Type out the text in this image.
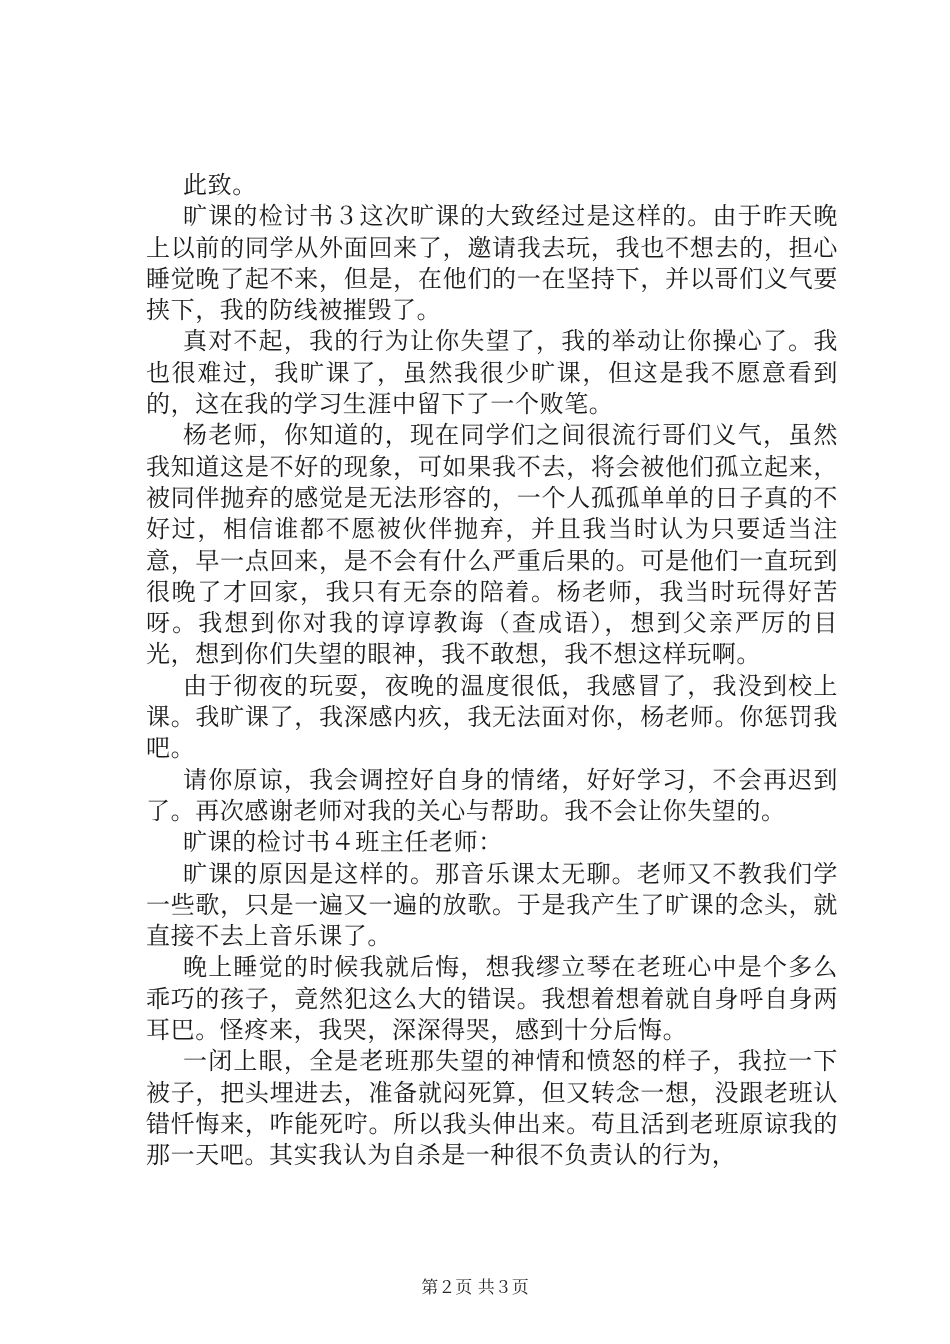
此致。

旷课的检讨书３这次旷课的大致经过是这样的。由于昨天晚上以前的同学从外面回来了，邀请我去玩，我也不想去的，担心睡觉晚了起不来，但是，在他们的一在坚持下，并以哥们义气要挟下，我的防线被摧毁了。

真对不起，我的行为让你失望了，我的举动让你操心了。我也很难过，我旷课了，虽然我很少旷课，但这是我不愿意看到的，这在我的学习生涯中留下了一个败笔。

杨老师，你知道的，现在同学们之间很流行哥们义气，虽然我知道这是不好的现象，可如果我不去，将会被他们孤立起来，被同伴抛弃的感觉是无法形容的，一个人孤孤单单的日子真的不好过，相信谁都不愿被伙伴抛弃，并且我当时认为只要适当注意，早一点回来，是不会有什么严重后果的。可是他们一直玩到很晚了才回家，我只有无奈的陪着。杨老师，我当时玩得好苦呀。我想到你对我的谆谆教诲（查成语），想到父亲严厉的目光，想到你们失望的眼神，我不敢想，我不想这样玩啊。

由于彻夜的玩耍，夜晚的温度很低，我感冒了，我没到校上课。我旷课了，我深感内疚，我无法面对你，杨老师。你惩罚我吧。

请你原谅，我会调控好自身的情绪，好好学习，不会再迟到了。再次感谢老师对我的关心与帮助。我不会让你失望的。

旷课的检讨书４班主任老师：

旷课的原因是这样的。那音乐课太无聊。老师又不教我们学一些歌，只是一遍又一遍的放歌。于是我产生了旷课的念头，就直接不去上音乐课了。

晚上睡觉的时候我就后悔，想我缪立琴在老班心中是个多么乖巧的孩子，竟然犯这么大的错误。我想着想着就自身呼自身两耳巴。怪疼来，我哭，深深得哭，感到十分后悔。

一闭上眼，全是老班那失望的神情和愤怒的样子，我拉一下被子，把头埋进去，准备就闷死算，但又转念一想，没跟老班认错忏悔来，咋能死咛。所以我头伸出来。苟且活到老班原谅我的那一天吧。其实我认为自杀是一种很不负责认的行为，

第２页 共３页
